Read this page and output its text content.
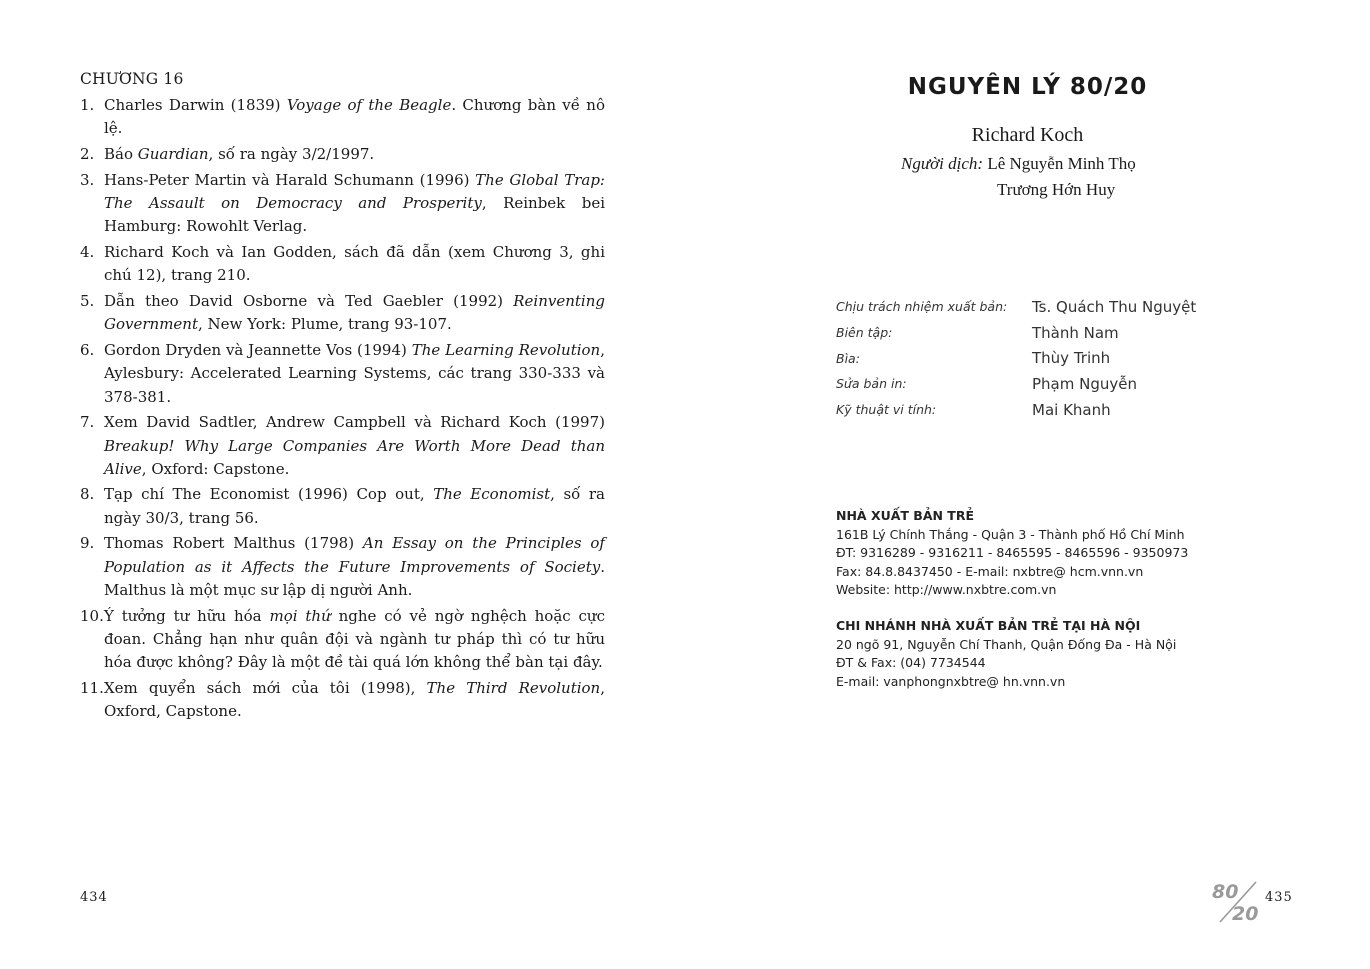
CHƯƠNG 16
1. Charles Darwin (1839) Voyage of the Beagle. Chương bàn về nô lệ.
2. Báo Guardian, số ra ngày 3/2/1997.
3. Hans-Peter Martin và Harald Schumann (1996) The Global Trap: The Assault on Democracy and Prosperity, Reinbek bei Hamburg: Rowohlt Verlag.
4. Richard Koch và Ian Godden, sách đã dẫn (xem Chương 3, ghi chú 12), trang 210.
5. Dẫn theo David Osborne và Ted Gaebler (1992) Reinventing Government, New York: Plume, trang 93-107.
6. Gordon Dryden và Jeannette Vos (1994) The Learning Revolution, Aylesbury: Accelerated Learning Systems, các trang 330-333 và 378-381.
7. Xem David Sadtler, Andrew Campbell và Richard Koch (1997) Breakup! Why Large Companies Are Worth More Dead than Alive, Oxford: Capstone.
8. Tạp chí The Economist (1996) Cop out, The Economist, số ra ngày 30/3, trang 56.
9. Thomas Robert Malthus (1798) An Essay on the Principles of Population as it Affects the Future Improvements of Society. Malthus là một mục sư lập dị người Anh.
10. Ý tưởng tư hữu hóa mọi thứ nghe có vẻ ngờ nghệch hoặc cực đoan. Chẳng hạn như quân đội và ngành tư pháp thì có tư hữu hóa được không? Đây là một đề tài quá lớn không thể bàn tại đây.
11. Xem quyển sách mới của tôi (1998), The Third Revolution, Oxford, Capstone.
434
NGUYÊN LÝ 80/20
Richard Koch
Người dịch: Lê Nguyễn Minh Thọ
Trương Hớn Huy
Chịu trách nhiệm xuất bản:	Ts. Quách Thu Nguyệt
Biên tập:	Thành Nam
Bìa:	Thùy Trinh
Sửa bản in:	Phạm Nguyễn
Kỹ thuật vi tính:	Mai Khanh
NHÀ XUẤT BẢN TRẺ
161B Lý Chính Thắng - Quận 3 - Thành phố Hồ Chí Minh
ĐT: 9316289 - 9316211 - 8465595 - 8465596 - 9350973
Fax: 84.8.8437450 - E-mail: nxbtre@ hcm.vnn.vn
Website: http://www.nxbtre.com.vn
CHI NHÁNH NHÀ XUẤT BẢN TRẺ TẠI HÀ NỘI
20 ngõ 91, Nguyễn Chí Thanh, Quận Đống Đa - Hà Nội
ĐT & Fax: (04) 7734544
E-mail: vanphongnxbtre@ hn.vnn.vn
80
20
435
